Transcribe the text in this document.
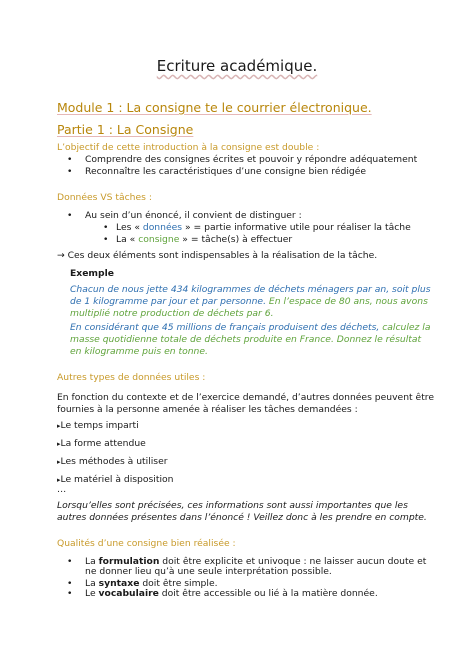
Ecriture académique.
Module 1 : La consigne te le courrier électronique.
Partie 1 : La Consigne
L’objectif de cette introduction à la consigne est double :
• Comprendre des consignes écrites et pouvoir y répondre adéquatement
• Reconnaître les caractéristiques d’une consigne bien rédigée
Données VS tâches :
• Au sein d’un énoncé, il convient de distinguer :
• Les « données » = partie informative utile pour réaliser la tâche
• La « consigne » = tâche(s) à effectuer
→ Ces deux éléments sont indispensables à la réalisation de la tâche.
Exemple
Chacun de nous jette 434 kilogrammes de déchets ménagers par an, soit plus
de 1 kilogramme par jour et par personne. En l’espace de 80 ans, nous avons
multiplié notre production de déchets par 6.
En considérant que 45 millions de français produisent des déchets, calculez la
masse quotidienne totale de déchets produite en France. Donnez le résultat
en kilogramme puis en tonne.
Autres types de données utiles :
En fonction du contexte et de l’exercice demandé, d’autres données peuvent être
fournies à la personne amenée à réaliser les tâches demandées :
▸Le temps imparti
▸La forme attendue
▸Les méthodes à utiliser
▸Le matériel à disposition
…
Lorsqu’elles sont précisées, ces informations sont aussi importantes que les
autres données présentes dans l’énoncé ! Veillez donc à les prendre en compte.
Qualités d’une consigne bien réalisée :
• La formulation doit être explicite et univoque : ne laisser aucun doute et
ne donner lieu qu’à une seule interprétation possible.
• La syntaxe doit être simple.
• Le vocabulaire doit être accessible ou lié à la matière donnée.
